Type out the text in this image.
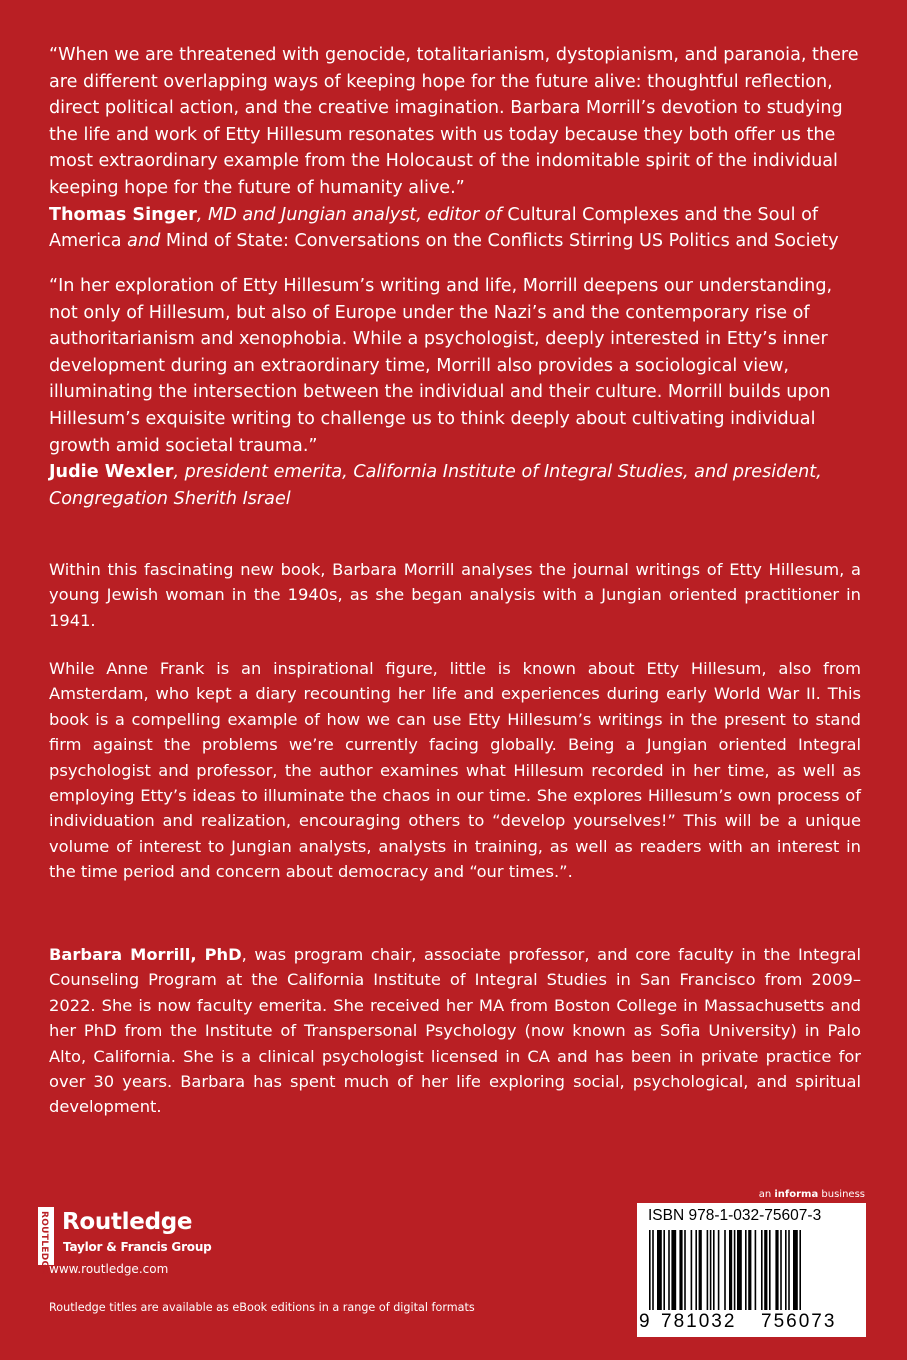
“When we are threatened with genocide, totalitarianism, dystopianism, and paranoia, there are different overlapping ways of keeping hope for the future alive: thoughtful reflection, direct political action, and the creative imagination. Barbara Morrill’s devotion to studying the life and work of Etty Hillesum resonates with us today because they both offer us the most extraordinary example from the Holocaust of the indomitable spirit of the individual keeping hope for the future of humanity alive.”
Thomas Singer, MD and Jungian analyst, editor of Cultural Complexes and the Soul of America and Mind of State: Conversations on the Conflicts Stirring US Politics and Society
“In her exploration of Etty Hillesum’s writing and life, Morrill deepens our understanding, not only of Hillesum, but also of Europe under the Nazi’s and the contemporary rise of authoritarianism and xenophobia. While a psychologist, deeply interested in Etty’s inner development during an extraordinary time, Morrill also provides a sociological view, illuminating the intersection between the individual and their culture. Morrill builds upon Hillesum’s exquisite writing to challenge us to think deeply about cultivating individual growth amid societal trauma.”
Judie Wexler, president emerita, California Institute of Integral Studies, and president, Congregation Sherith Israel
Within this fascinating new book, Barbara Morrill analyses the journal writings of Etty Hillesum, a young Jewish woman in the 1940s, as she began analysis with a Jungian oriented practitioner in 1941.
While Anne Frank is an inspirational figure, little is known about Etty Hillesum, also from Amsterdam, who kept a diary recounting her life and experiences during early World War II. This book is a compelling example of how we can use Etty Hillesum’s writings in the present to stand firm against the problems we’re currently facing globally. Being a Jungian oriented Integral psychologist and professor, the author examines what Hillesum recorded in her time, as well as employing Etty’s ideas to illuminate the chaos in our time. She explores Hillesum’s own process of individuation and realization, encouraging others to “develop yourselves!” This will be a unique volume of interest to Jungian analysts, analysts in training, as well as readers with an interest in the time period and concern about democracy and “our times.”.
Barbara Morrill, PhD, was program chair, associate professor, and core faculty in the Integral Counseling Program at the California Institute of Integral Studies in San Francisco from 2009– 2022. She is now faculty emerita. She received her MA from Boston College in Massachusetts and her PhD from the Institute of Transpersonal Psychology (now known as Sofia University) in Palo Alto, California. She is a clinical psychologist licensed in CA and has been in private practice for over 30 years. Barbara has spent much of her life exploring social, psychological, and spiritual development.
ROUTLEDGE Routledge
Taylor & Francis Group
www.routledge.com
Routledge titles are available as eBook editions in a range of digital formats
an informa business
ISBN 978-1-032-75607-3
9 781032 756073
